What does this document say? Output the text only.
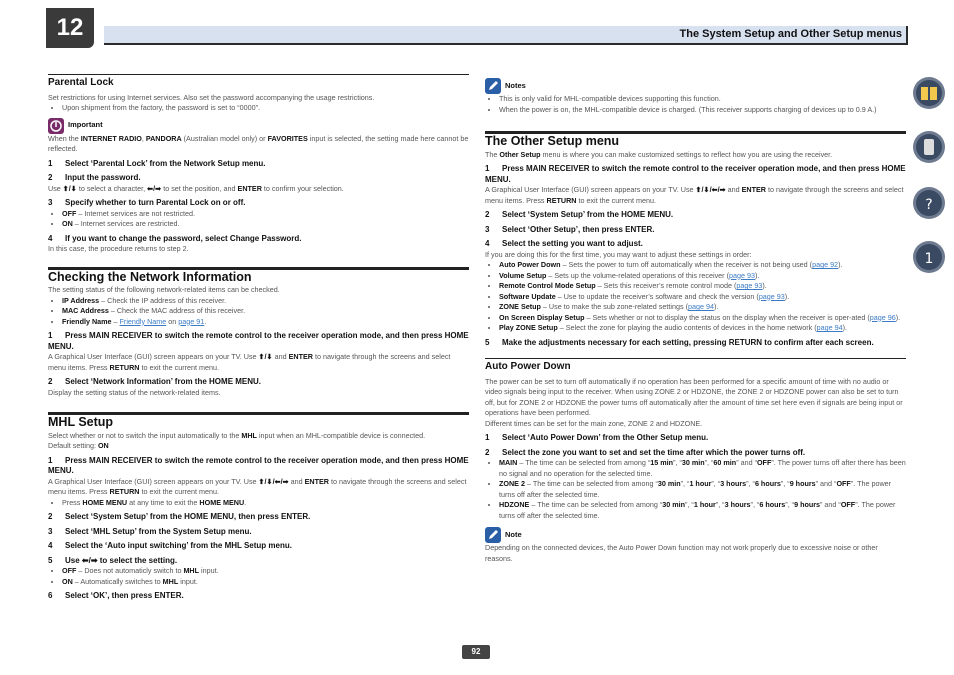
12	The System Setup and Other Setup menus
Parental Lock

Set restrictions for using Internet services. Also set the password accompanying the usage restrictions.

• Upon shipment from the factory, the password is set to “0000”.
Important

When the INTERNET RADIO, PANDORA (Australian model only) or FAVORITES input is selected, the setting made here cannot be reflected.

1 Select ‘Parental Lock’ from the Network Setup menu.
2 Input the password.

Use ⬆/⬇ to select a character, ⬅/➡ to set the position, and ENTER to confirm your selection.

3 Specify whether to turn Parental Lock on or off.
• OFF – Internet services are not restricted.
• ON – Internet services are restricted.
4 If you want to change the password, select Change Password.

In this case, the procedure returns to step 2.

Checking the Network Information

The setting status of the following network-related items can be checked.

• IP Address – Check the IP address of this receiver.
• MAC Address – Check the MAC address of this receiver.
• Friendly Name – Friendly Name on page 91.
1 Press MAIN RECEIVER to switch the remote control to the receiver operation mode, and then press HOME MENU.

A Graphical User Interface (GUI) screen appears on your TV. Use ⬆/⬇ and ENTER to navigate through the screens and select menu items. Press RETURN to exit the current menu.

2 Select ‘Network Information’ from the HOME MENU.

Display the setting status of the network-related items.

MHL Setup

Select whether or not to switch the input automatically to the MHL input when an MHL-compatible device is connected.

Default setting: ON

1 Press MAIN RECEIVER to switch the remote control to the receiver operation mode, and then press HOME MENU.

A Graphical User Interface (GUI) screen appears on your TV. Use ⬆/⬇/⬅/➡ and ENTER to navigate through the screens and select menu items. Press RETURN to exit the current menu.

• Press HOME MENU at any time to exit the HOME MENU.
2 Select ‘System Setup’ from the HOME MENU, then press ENTER.
3 Select ‘MHL Setup’ from the System Setup menu.
4 Select the ‘Auto input switching’ from the MHL Setup menu.
5 Use ⬅/➡ to select the setting.
• OFF – Does not automaticly switch to MHL input.
• ON – Automatically switches to MHL input.
6 Select ‘OK’, then press ENTER.
Notes
• This is only valid for MHL-compatible devices supporting this function.
• When the power is on, the MHL-compatible device is charged. (This receiver supports charging of devices up to 0.9 A.)
The Other Setup menu

The Other Setup menu is where you can make customized settings to reflect how you are using the receiver.

1 Press MAIN RECEIVER to switch the remote control to the receiver operation mode, and then press HOME MENU.

A Graphical User Interface (GUI) screen appears on your TV. Use ⬆/⬇/⬅/➡ and ENTER to navigate through the screens and select menu items. Press RETURN to exit the current menu.

2 Select ‘System Setup’ from the HOME MENU.
3 Select ‘Other Setup’, then press ENTER.
4 Select the setting you want to adjust.

If you are doing this for the first time, you may want to adjust these settings in order:

• Auto Power Down – Sets the power to turn off automatically when the receiver is not being used (page 92).
• Volume Setup – Sets up the volume-related operations of this receiver (page 93).
• Remote Control Mode Setup – Sets this receiver’s remote control mode (page 93).
• Software Update – Use to update the receiver’s software and check the version (page 93).
• ZONE Setup – Use to make the sub zone-related settings (page 94).
• On Screen Display Setup – Sets whether or not to display the status on the display when the receiver is oper-ated (page 96).
• Play ZONE Setup – Select the zone for playing the audio contents of devices in the home network (page 94).
5 Make the adjustments necessary for each setting, pressing RETURN to confirm after each screen.
Auto Power Down

The power can be set to turn off automatically if no operation has been performed for a specific amount of time with no audio or video signals being input to the receiver. When using ZONE 2 or HDZONE, the ZONE 2 or HDZONE power can also be set to turn off, but for ZONE 2 or HDZONE the power turns off automatically after the amount of time set here even if signals are being input or operations have been performed.

Different times can be set for the main zone, ZONE 2 and HDZONE.

1 Select ‘Auto Power Down’ from the Other Setup menu.
2 Select the zone you want to set and set the time after which the power turns off.
• MAIN – The time can be selected from among “15 min”, “30 min”, “60 min” and “OFF”. The power turns off after there has been no signal and no operation for the selected time.
• ZONE 2 – The time can be selected from among “30 min”, “1 hour”, “3 hours”, “6 hours”, “9 hours” and “OFF”. The power turns off after the selected time.
• HDZONE – The time can be selected from among “30 min”, “1 hour”, “3 hours”, “6 hours”, “9 hours” and “OFF”. The power turns off after the selected time.
Note

Depending on the connected devices, the Auto Power Down function may not work properly due to excessive noise or other reasons.

?
1
92
